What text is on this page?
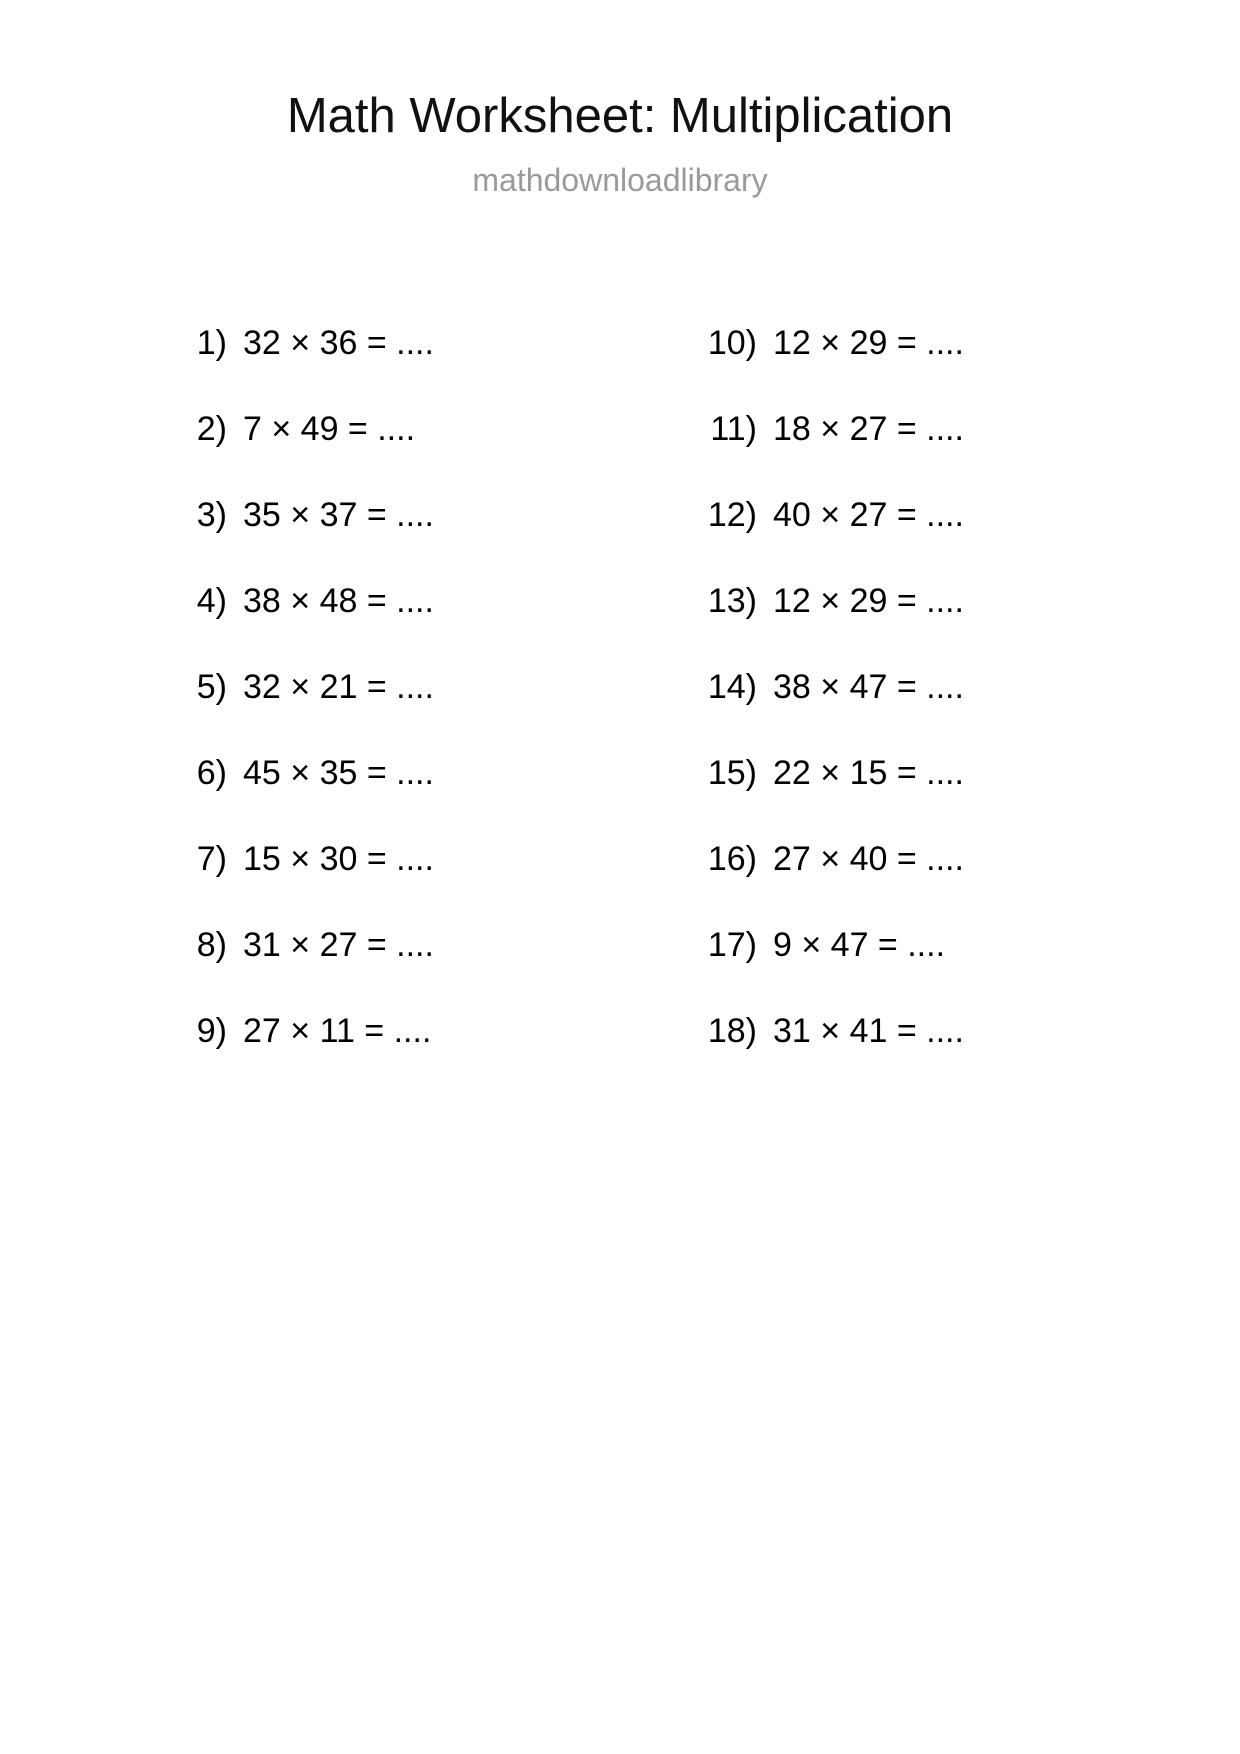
Math Worksheet: Multiplication
mathdownloadlibrary
1) 32 × 36 = ....
2) 7 × 49 = ....
3) 35 × 37 = ....
4) 38 × 48 = ....
5) 32 × 21 = ....
6) 45 × 35 = ....
7) 15 × 30 = ....
8) 31 × 27 = ....
9) 27 × 11 = ....
10) 12 × 29 = ....
11) 18 × 27 = ....
12) 40 × 27 = ....
13) 12 × 29 = ....
14) 38 × 47 = ....
15) 22 × 15 = ....
16) 27 × 40 = ....
17) 9 × 47 = ....
18) 31 × 41 = ....
